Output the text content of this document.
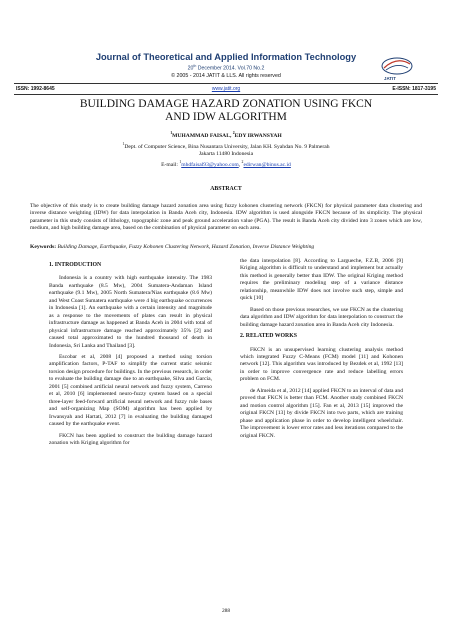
Journal of Theoretical and Applied Information Technology
20th December 2014. Vol.70 No.2
© 2005 - 2014 JATIT & LLS. All rights reserved	JATIT
ISSN: 1992-8645	www.jatit.org	E-ISSN: 1817-3195
BUILDING DAMAGE HAZARD ZONATION USING FKCN
AND IDW ALGORITHM
$^1$MUHAMMAD FAISAL, $^2$EDY IRWANSYAH
$^1$Dept. of Computer Science, Bina Nusantara University, Jalan KH. Syahdan No. 9 Palmerah
Jakarta 11480 Indonesia
E-mail: $^1$mhdfaisal93@yahoo.com, $^2$edirwan@binus.ac.id
ABSTRACT
The objective of this study is to create building damage hazard zonation area using fuzzy kohonen clustering network (FKCN) for physical parameter data clustering and inverse distance weighting (IDW) for data interpolation in Banda Aceh city, Indonesia. IDW algorithm is used alongside FKCN because of its simplicity. The physical parameter in this study consists of lithology, topographic zone and peak ground acceleration value (PGA). The result is Banda Aceh city divided into 3 zones which are low, medium, and high building damage area, based on the combination of physical parameter on each area.
Keywords: Building Damage, Earthquake, Fuzzy Kohonen Clustering Network, Hazard Zonation, Inverse Distance Weighting
1. INTRODUCTION

Indonesia is a country with high earthquake intensity. The 1983 Banda earthquake (8.5 Mw), 2004 Sumatera-Andaman Island earthquake (9.1 Mw), 2005 North Sumatera/Nias earthquake (8.6 Mw) and West Coast Sumatera earthquake were 4 big earthquake occurrences in Indonesia [1]. An earthquake with a certain intensity and magnitude as a response to the movements of plates can result in physical infrastructure damage as happened at Banda Aceh in 2004 with total of physical infrastructure damage reached approximately 35% [2] and caused total approximated to the hundred thousand of death in Indonesia, Sri Lanka and Thailand [3].

Escobar et al, 2008 [4] proposed a method using torsion amplification factors, P-TAF to simplify the current static seismic torsion design procedure for buildings. In the previous research, in order to evaluate the building damage due to an earthquake, Silva and García, 2001 [5] combined artificial neural network and fuzzy system, Carreno et al, 2010 [6] implemented neuro-fuzzy system based on a special three-layer feed-forward artificial neural network and fuzzy rule bases and self-organizing Map (SOM) algorithm has been applied by Irwansyah and Hartati, 2012 [7] in evaluating the building damaged caused by the earthquake event.

FKCN has been applied to construct the building damage hazard zonation with Kriging algorithm for

the data interpolation [8]. According to Largueche, F.Z.B, 2006 [9] Kriging algorithm is difficult to understand and implement but actually this method is generally better than IDW. The original Kriging method requires the preliminary modeling step of a variance distance relationship, meanwhile IDW does not involve such step, simple and quick [10]

Based on those previous researches, we use FKCN as the clustering data algorithm and IDW algorithm for data interpolation to construct the building damage hazard zonation area in Banda Aceh city Indonesia.

2. RELATED WORKS

FKCN is an unsupervised learning clustering analysis method which integrated Fuzzy C-Means (FCM) model [11] and Kohonen network [12]. This algorithm was introduced by Bezdek et al, 1992 [13] in order to improve convergence rate and reduce labelling errors problem on FCM.

de Almeida et al, 2012 [14] applied FKCN to an interval of data and proved that FKCN is better than FCM. Another study combined FKCN and motion control algorithm [15]. Fan et al, 2013 [15] improved the original FKCN [13] by divide FKCN into two parts, which are training phase and application phase in order to develop intelligent wheelchair. The improvement is lower error rates and less iterations compared to the original FKCN.

288
